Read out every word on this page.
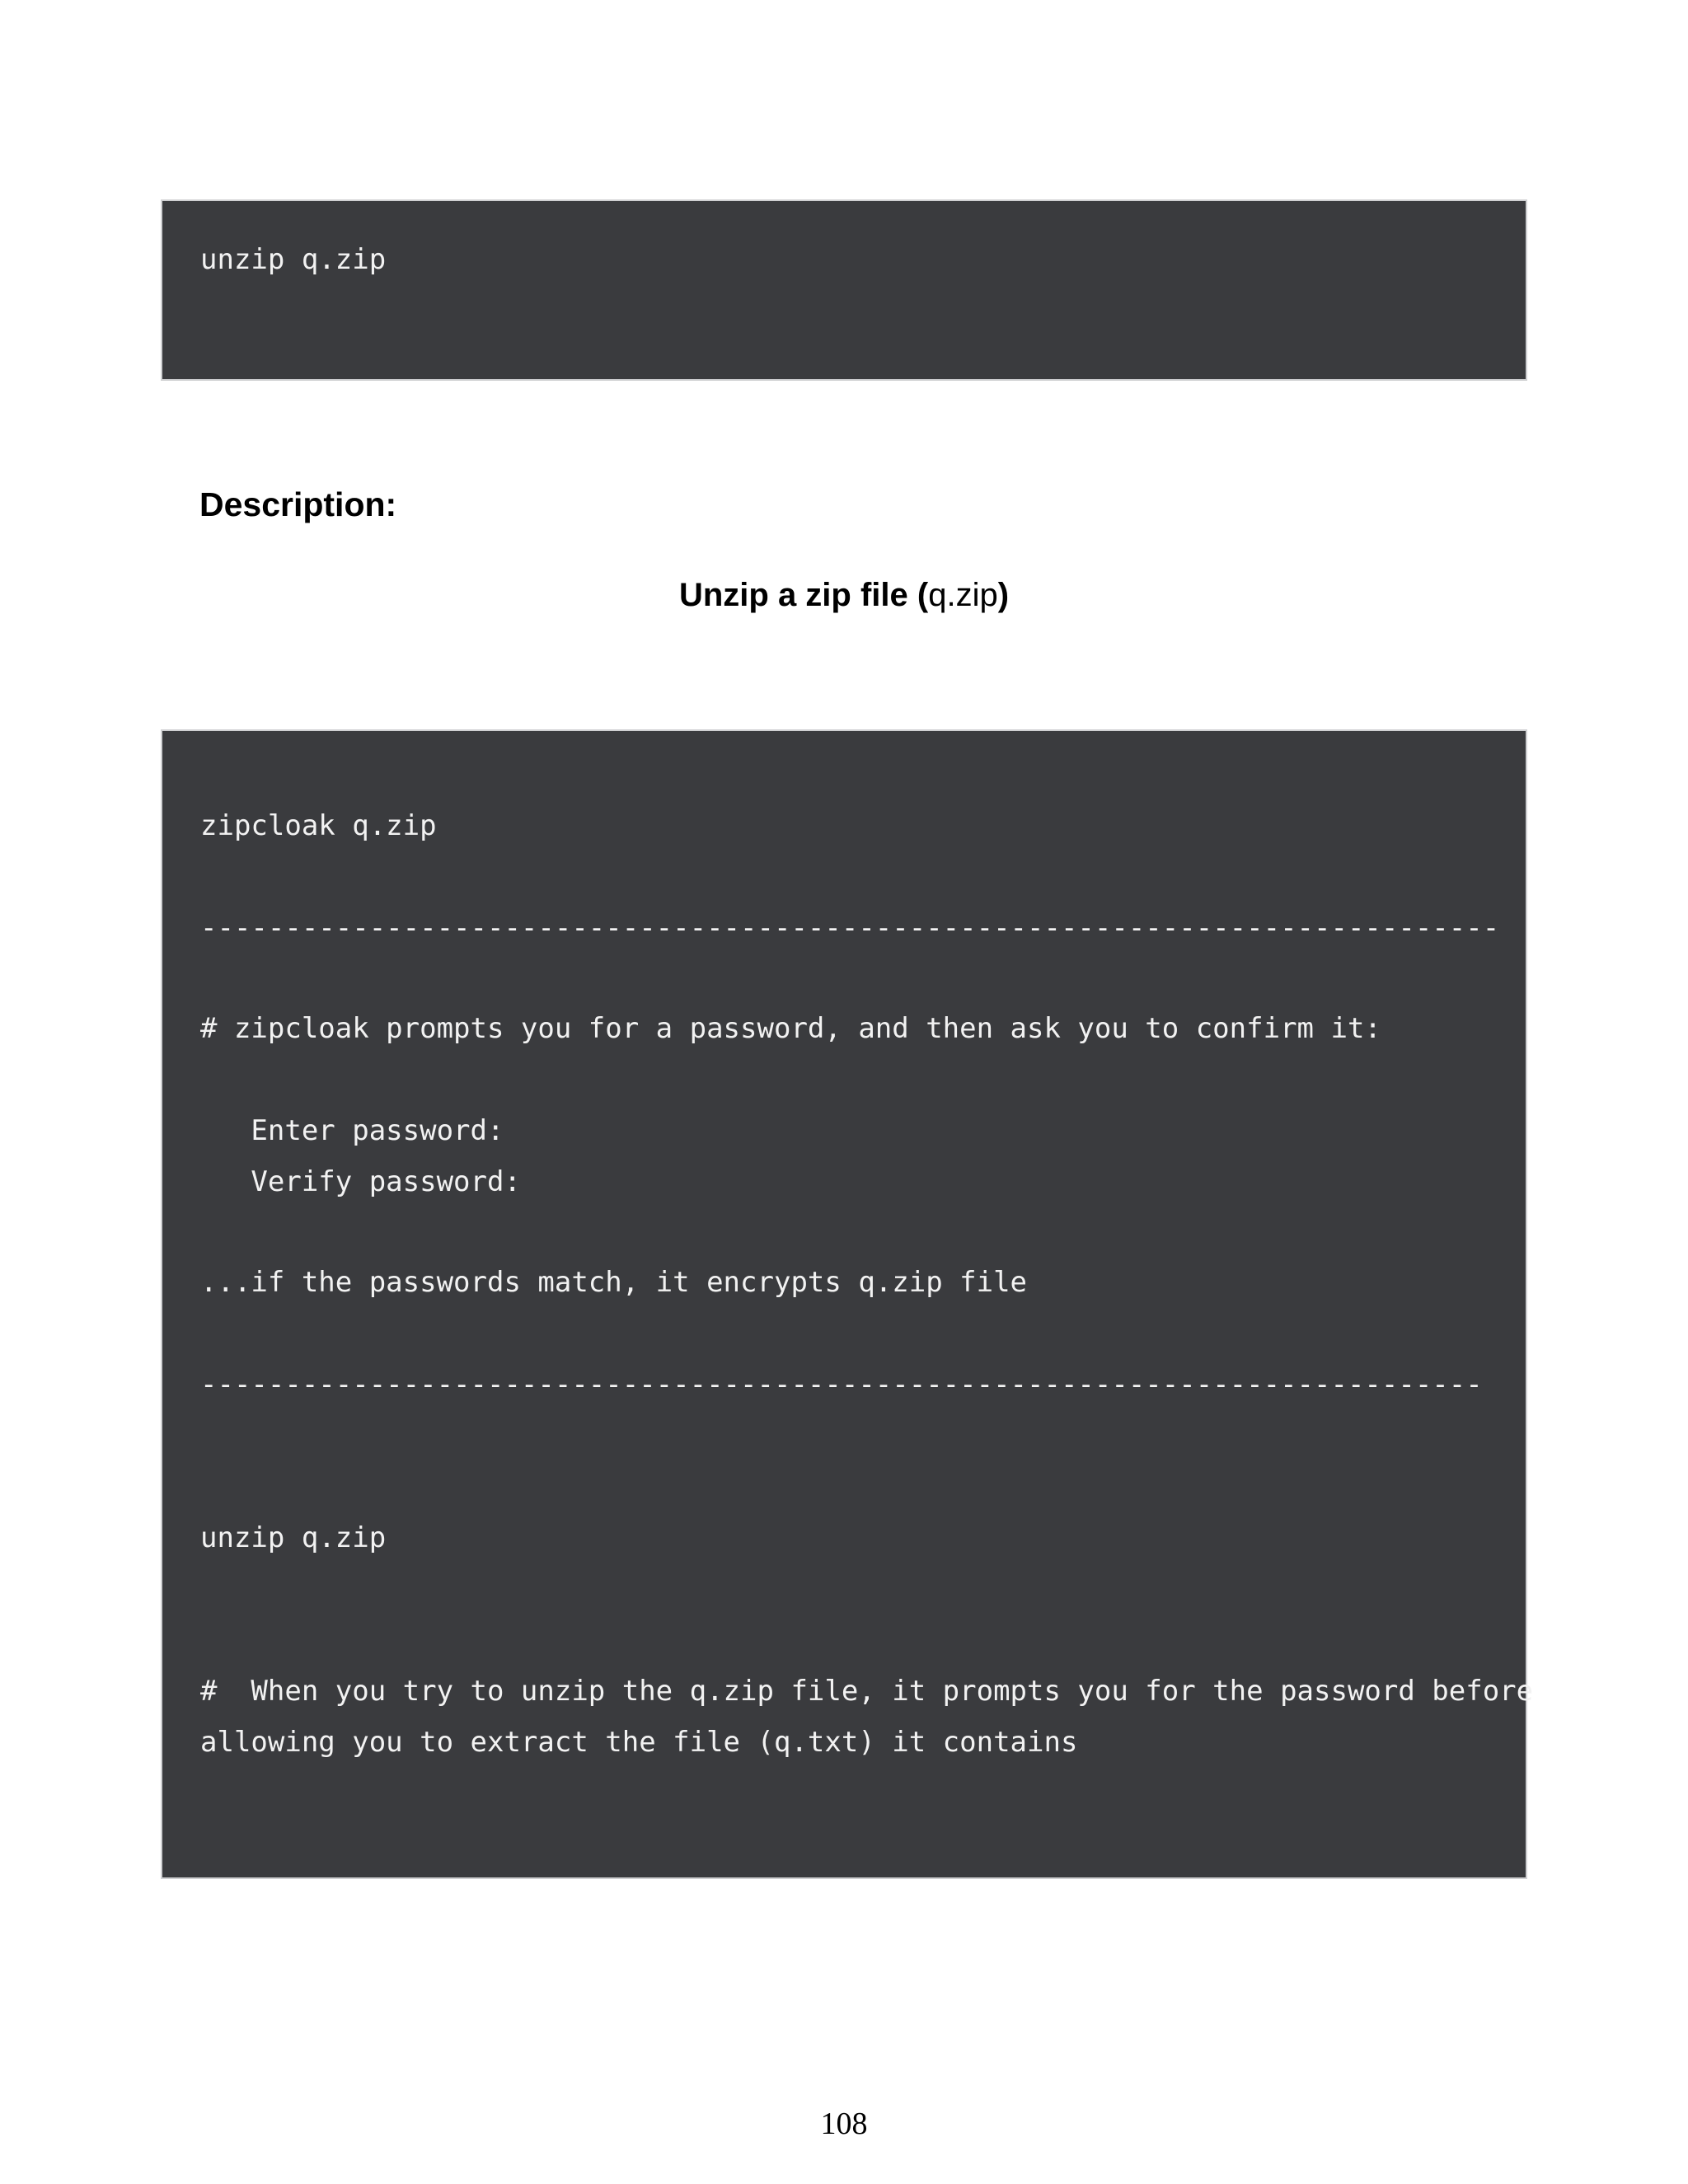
unzip q.zip
Description:

Unzip a zip file (q.zip)

zipcloak q.zip
-----------------------------------------------------------------------------
# zipcloak prompts you for a password, and then ask you to confirm it:
Enter password:
Verify password:
...if the passwords match, it encrypts q.zip file
----------------------------------------------------------------------------
unzip q.zip
#  When you try to unzip the q.zip file, it prompts you for the password before
allowing you to extract the file (q.txt) it contains
108
